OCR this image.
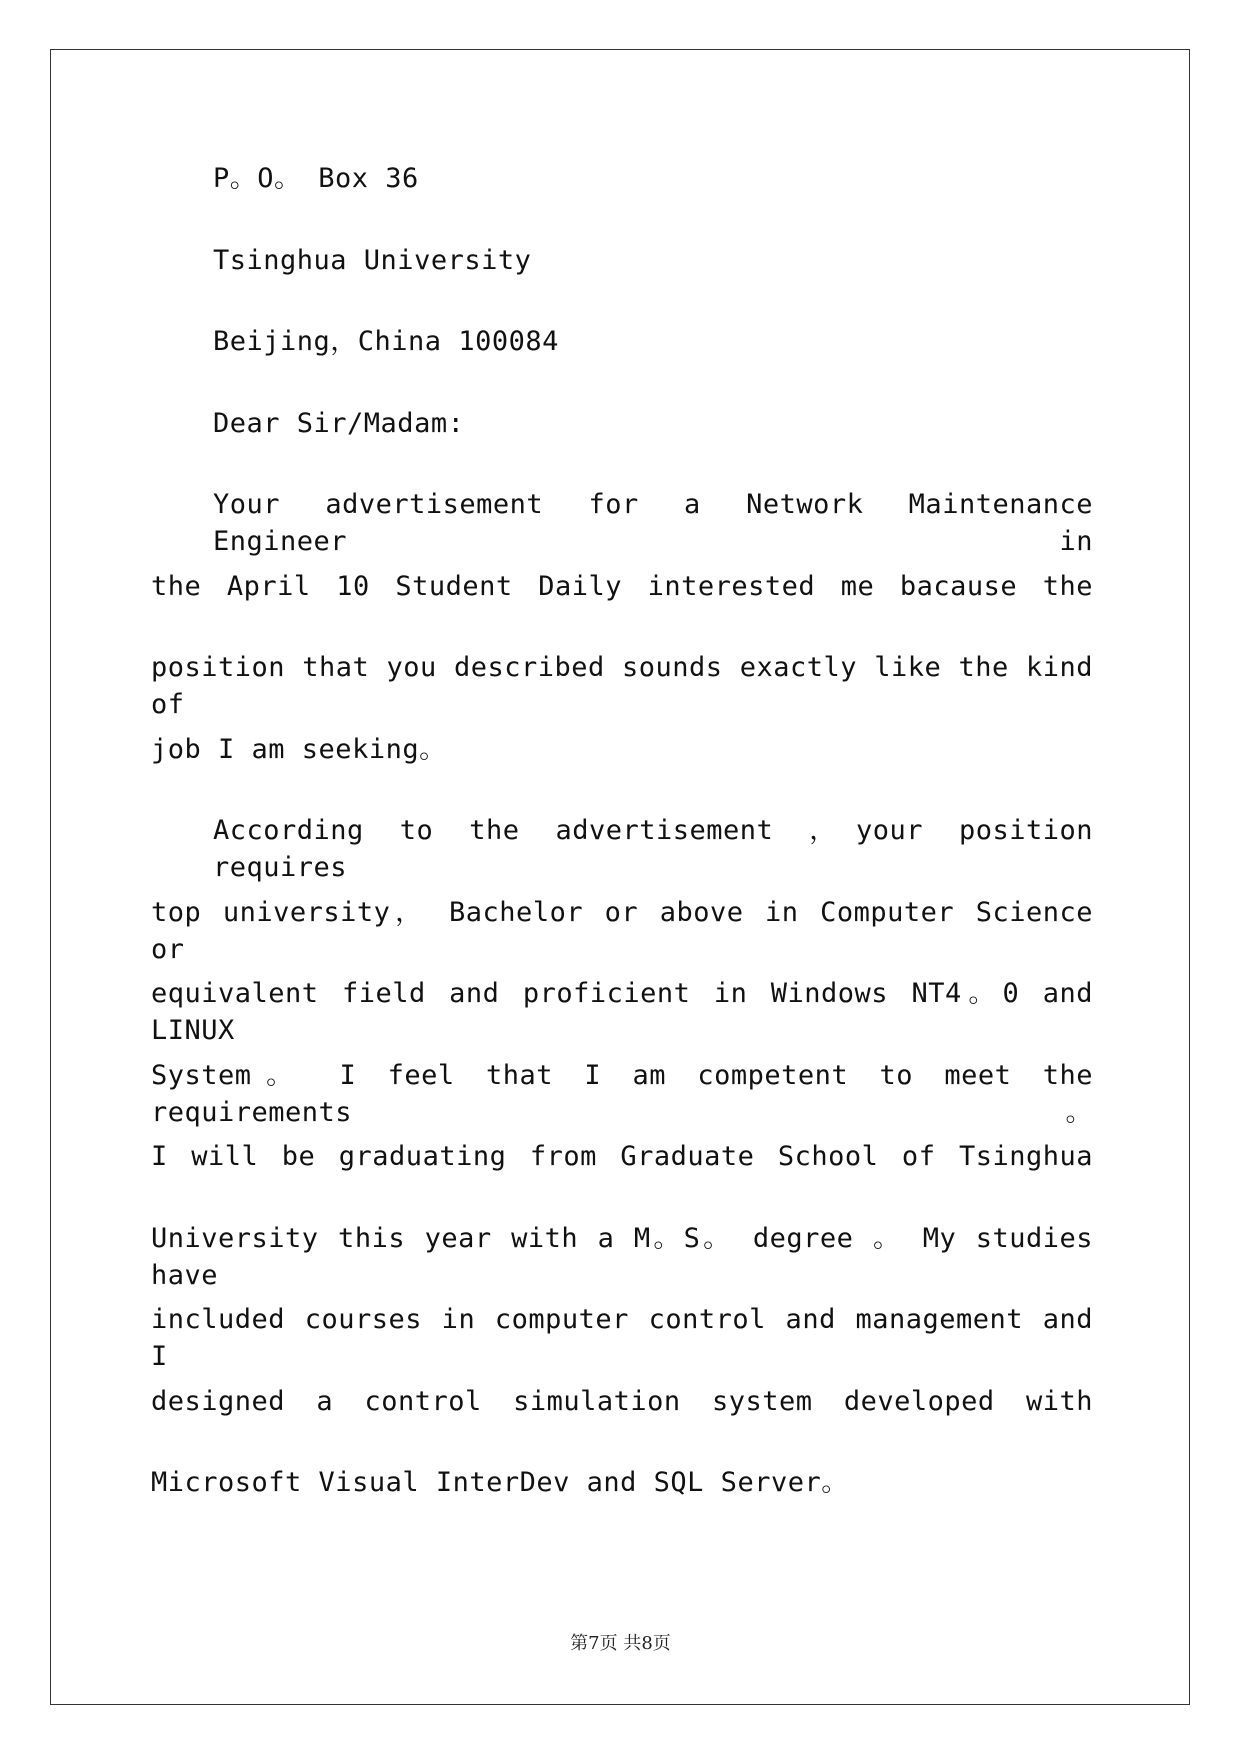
P。O。 Box 36
Tsinghua University
Beijing，China 100084
Dear Sir/Madam:
Your advertisement for a Network Maintenance Engineer in
the April 10 Student Daily interested me bacause the
position that you described sounds exactly like the kind of
job I am seeking。
According to the advertisement ，your position requires
top university， Bachelor or above in Computer Science or
equivalent field and proficient in Windows NT4。0 and LINUX
System。 I feel that I am competent to meet the requirements。
I will be graduating from Graduate School of Tsinghua
University this year with a M。S。 degree 。 My studies have
included courses in computer control and management and I
designed a control simulation system developed with
Microsoft Visual InterDev and SQL Server。
第7页 共8页
